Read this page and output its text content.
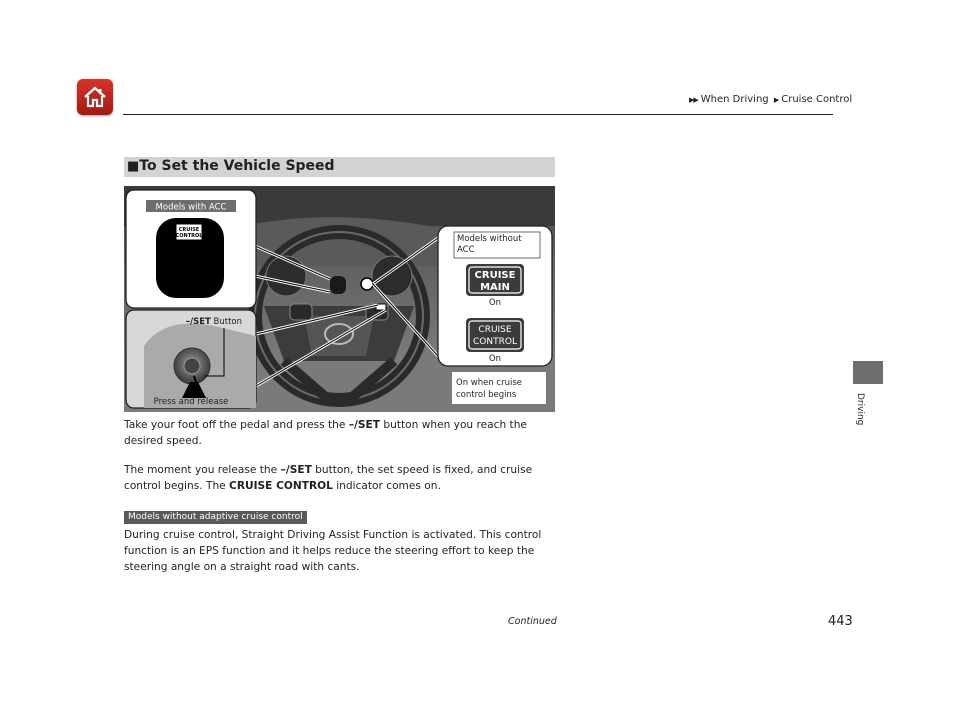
▶▶ When Driving ▶ Cruise Control
Driving
■To Set the Vehicle Speed
Models with ACC
CRUISE
CONTROL
–/SET Button
Press and release
Models without
ACC
CRUISE
MAIN
On
CRUISE
CONTROL
On
On when cruise
control begins

Take your foot off the pedal and press the –/SET button when you reach the desired speed.

The moment you release the –/SET button, the set speed is fixed, and cruise control begins. The CRUISE CONTROL indicator comes on.

Models without adaptive cruise control

During cruise control, Straight Driving Assist Function is activated. This control function is an EPS function and it helps reduce the steering effort to keep the steering angle on a straight road with cants.

Continued	443
